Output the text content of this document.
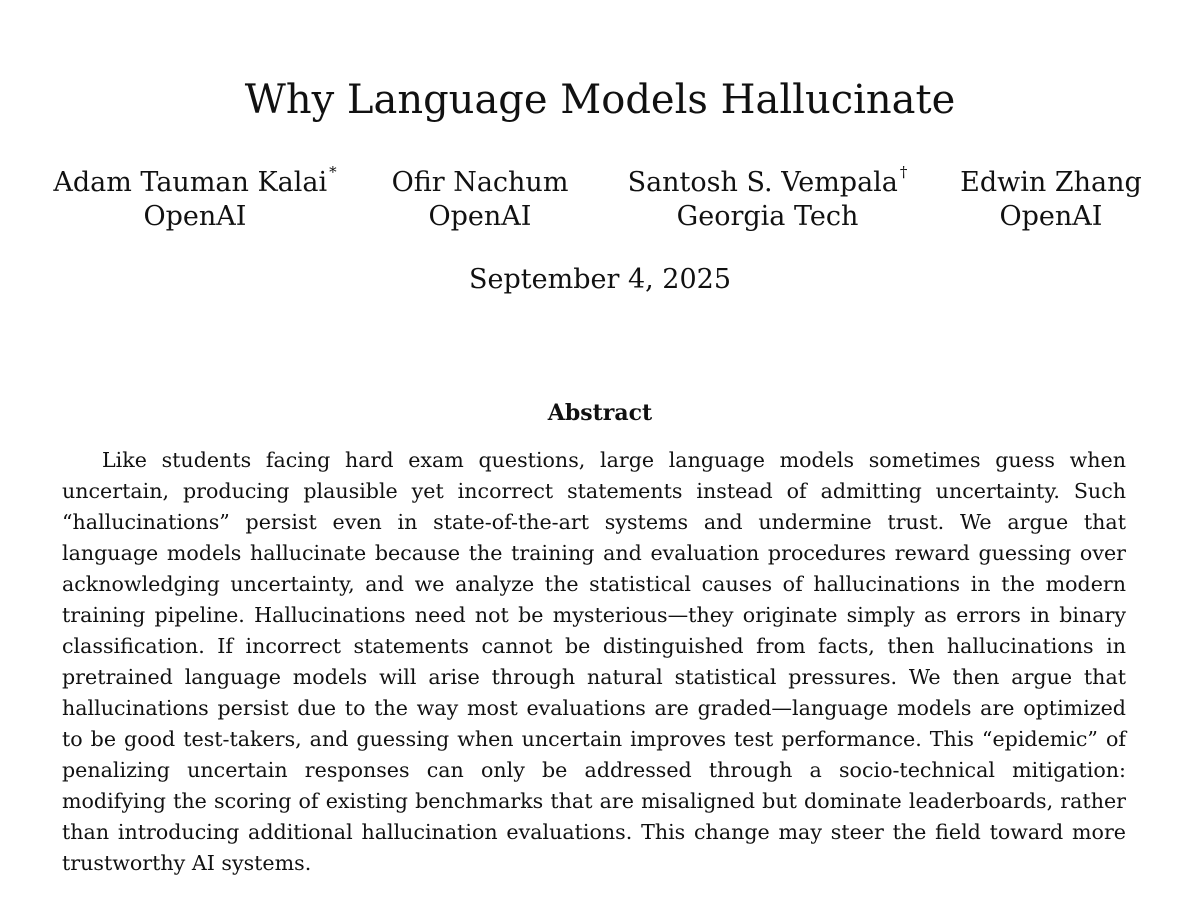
Why Language Models Hallucinate
Adam Tauman Kalai *
OpenAI
Ofir Nachum
OpenAI
Santosh S. Vempala †
Georgia Tech
Edwin Zhang
OpenAI
September 4, 2025
Abstract

Like students facing hard exam questions, large language models sometimes guess when uncertain, producing plausible yet incorrect statements instead of admitting uncertainty. Such “hallucinations” persist even in state-of-the-art systems and undermine trust. We argue that language models hallucinate because the training and evaluation procedures reward guessing over acknowledging uncertainty, and we analyze the statistical causes of hallucinations in the modern training pipeline. Hallucinations need not be mysterious—they originate simply as errors in binary classification. If incorrect statements cannot be distinguished from facts, then hallucinations in pretrained language models will arise through natural statistical pressures. We then argue that hallucinations persist due to the way most evaluations are graded—language models are optimized to be good test-takers, and guessing when uncertain improves test performance. This “epidemic” of penalizing uncertain responses can only be addressed through a socio-technical mitigation: modifying the scoring of existing benchmarks that are misaligned but dominate leaderboards, rather than introducing additional hallucination evaluations. This change may steer the field toward more trustworthy AI systems.
